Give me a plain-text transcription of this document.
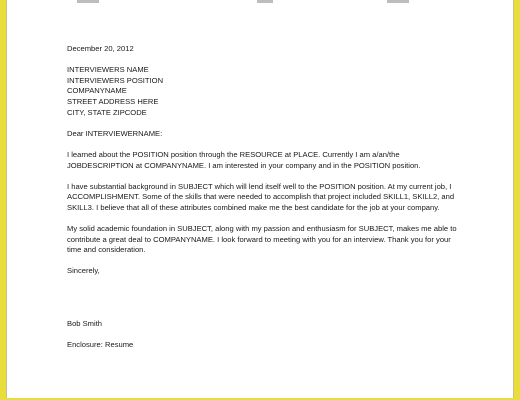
December 20, 2012

INTERVIEWERS NAME

INTERVIEWERS POSITION

COMPANYNAME

STREET ADDRESS HERE

CITY, STATE ZIPCODE

Dear INTERVIEWERNAME:

I learned about the POSITION position through the RESOURCE at PLACE. Currently I am a/an/the JOBDESCRIPTION at COMPANYNAME. I am interested in your company and in the POSITION position.

I have substantial background in SUBJECT which will lend itself well to the POSITION position. At my current job, I ACCOMPLISHMENT. Some of the skills that were needed to accomplish that project included SKILL1, SKILL2, and SKILL3. I believe that all of these attributes combined make me the best candidate for the job at your company.

My solid academic foundation in SUBJECT, along with my passion and enthusiasm for SUBJECT, makes me able to contribute a great deal to COMPANYNAME. I look forward to meeting with you for an interview. Thank you for your time and consideration.

Sincerely,

Bob Smith

Enclosure: Resume
